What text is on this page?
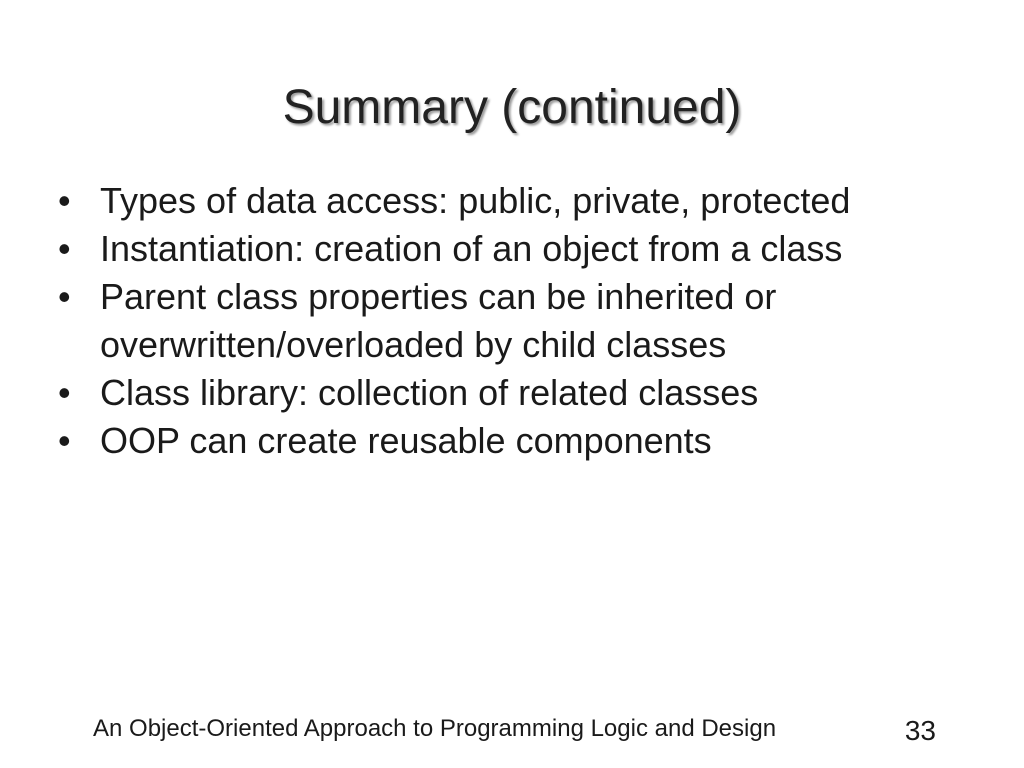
Summary (continued)
• Types of data access: public, private, protected
• Instantiation: creation of an object from a class
• Parent class properties can be inherited or overwritten/overloaded by child classes
• Class library: collection of related classes
• OOP can create reusable components
An Object-Oriented Approach to Programming Logic and Design	33
